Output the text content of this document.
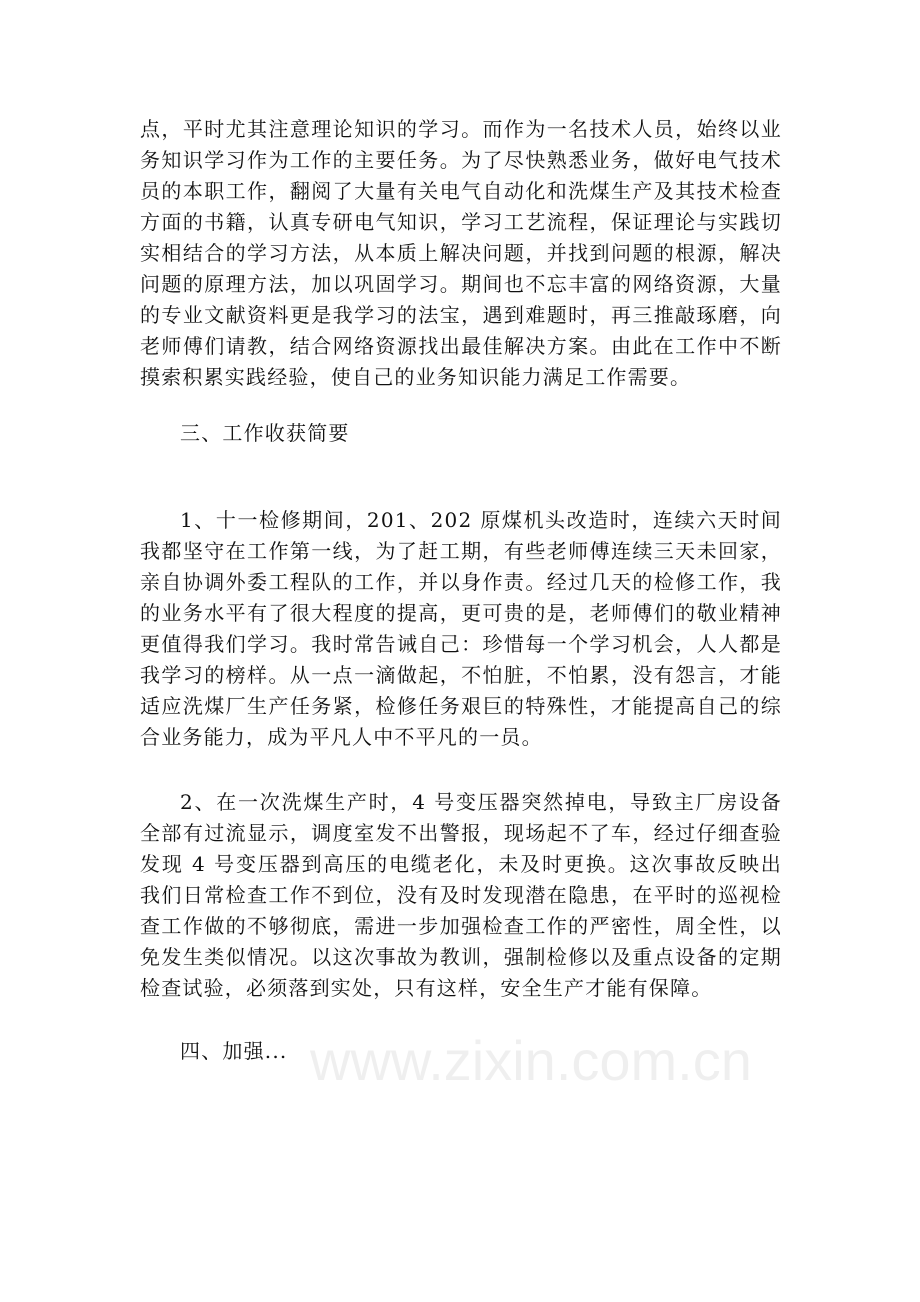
点，平时尤其注意理论知识的学习。而作为一名技术人员，始终以业务知识学习作为工作的主要任务。为了尽快熟悉业务，做好电气技术员的本职工作，翻阅了大量有关电气自动化和洗煤生产及其技术检查方面的书籍，认真专研电气知识，学习工艺流程，保证理论与实践切实相结合的学习方法，从本质上解决问题，并找到问题的根源，解决问题的原理方法，加以巩固学习。期间也不忘丰富的网络资源，大量的专业文献资料更是我学习的法宝，遇到难题时，再三推敲琢磨，向老师傅们请教，结合网络资源找出最佳解决方案。由此在工作中不断摸索积累实践经验，使自己的业务知识能力满足工作需要。

三、工作收获简要

1、十一检修期间，201、202 原煤机头改造时，连续六天时间我都坚守在工作第一线，为了赶工期，有些老师傅连续三天未回家，亲自协调外委工程队的工作，并以身作责。经过几天的检修工作，我的业务水平有了很大程度的提高，更可贵的是，老师傅们的敬业精神更值得我们学习。我时常告诫自己：珍惜每一个学习机会，人人都是我学习的榜样。从一点一滴做起，不怕脏，不怕累，没有怨言，才能适应洗煤厂生产任务紧，检修任务艰巨的特殊性，才能提高自己的综合业务能力，成为平凡人中不平凡的一员。

2、在一次洗煤生产时，4 号变压器突然掉电，导致主厂房设备全部有过流显示，调度室发不出警报，现场起不了车，经过仔细查验发现 4 号变压器到高压的电缆老化，未及时更换。这次事故反映出我们日常检查工作不到位，没有及时发现潜在隐患，在平时的巡视检查工作做的不够彻底，需进一步加强检查工作的严密性，周全性，以免发生类似情况。以这次事故为教训，强制检修以及重点设备的定期检查试验，必须落到实处，只有这样，安全生产才能有保障。

四、加强... www.zixin.com.cn
